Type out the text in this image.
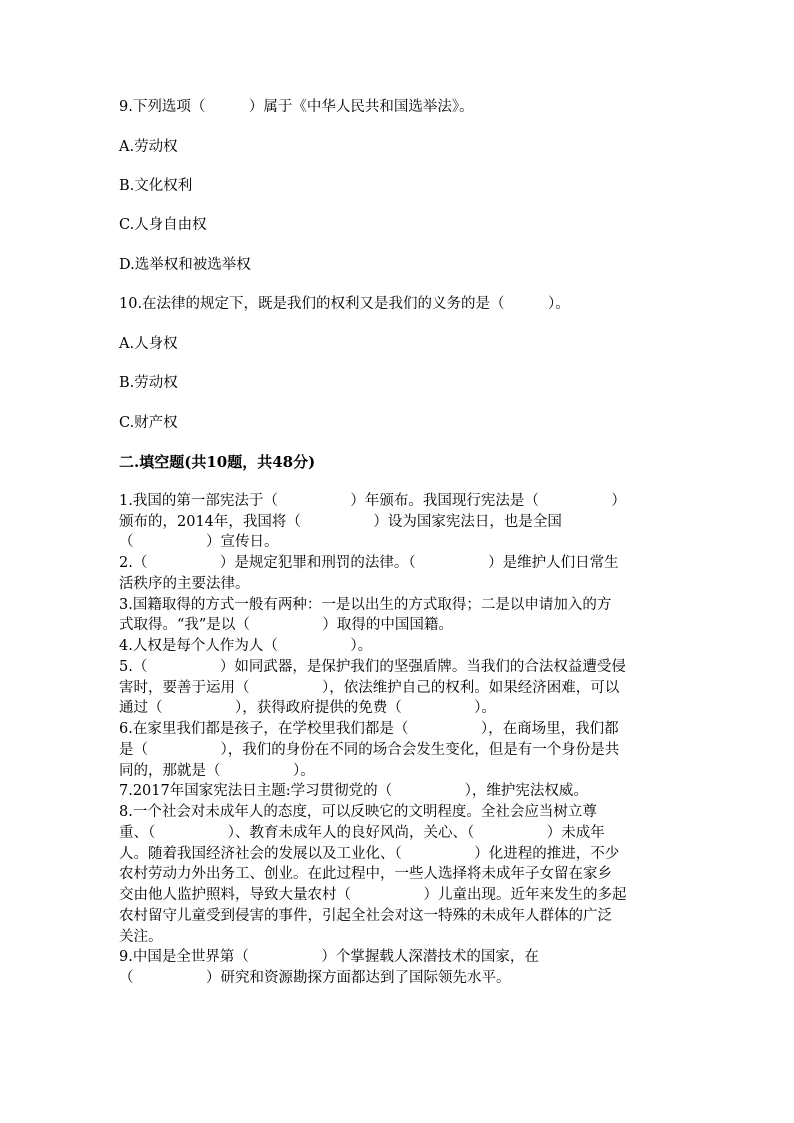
9.下列选项（　　　）属于《中华人民共和国选举法》。
A.劳动权
B.文化权利
C.人身自由权
D.选举权和被选举权
10.在法律的规定下，既是我们的权利又是我们的义务的是（　　　）。
A.人身权
B.劳动权
C.财产权
二.填空题(共10题，共48分)
1.我国的第一部宪法于（　　　　　）年颁布。我国现行宪法是（　　　　　）
颁布的，2014年，我国将（　　　　　）设为国家宪法日，也是全国
（　　　　　）宣传日。
2.（　　　　　）是规定犯罪和刑罚的法律。（　　　　　）是维护人们日常生
活秩序的主要法律。
3.国籍取得的方式一般有两种：一是以出生的方式取得；二是以申请加入的方
式取得。“我”是以（　　　　　）取得的中国国籍。
4.人权是每个人作为人（　　　　　）。
5.（　　　　　）如同武器，是保护我们的坚强盾牌。当我们的合法权益遭受侵
害时，要善于运用（　　　　　），依法维护自己的权利。如果经济困难，可以
通过（　　　　　），获得政府提供的免费（　　　　　）。
6.在家里我们都是孩子，在学校里我们都是（　　　　　），在商场里，我们都
是（　　　　　），我们的身份在不同的场合会发生变化，但是有一个身份是共
同的，那就是（　　　　　）。
7.2017年国家宪法日主题:学习贯彻党的（　　　　　），维护宪法权威。
8.一个社会对未成年人的态度，可以反映它的文明程度。全社会应当树立尊
重、（　　　　　）、教育未成年人的良好风尚，关心、（　　　　　）未成年
人。随着我国经济社会的发展以及工业化、（　　　　　）化进程的推进，不少
农村劳动力外出务工、创业。在此过程中，一些人选择将未成年子女留在家乡
交由他人监护照料，导致大量农村（　　　　　）儿童出现。近年来发生的多起
农村留守儿童受到侵害的事件，引起全社会对这一特殊的未成年人群体的广泛
关注。
9.中国是全世界第（　　　　　）个掌握载人深潜技术的国家，在
（　　　　　）研究和资源勘探方面都达到了国际领先水平。
